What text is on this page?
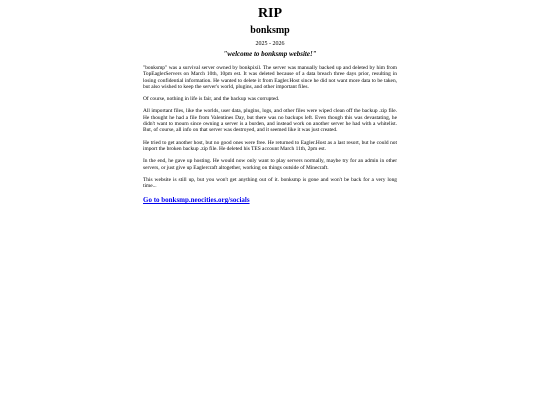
RIP
bonksmp
2025 - 2026
"welcome to bonksmp website!"

"bonksmp" was a survival server owned by bonkpixil. The server was manually backed up and deleted by him from TopEaglerServers on March 10th, 10pm est. It was deleted because of a data breach three days prior, resulting in losing confidential information. He wanted to delete it from Eagler.Host since he did not want more data to be taken, but also wished to keep the server's world, plugins, and other important files.

Of course, nothing in life is fair, and the backup was corrupted.

All important files, like the worlds, user data, plugins, logs, and other files were wiped clean off the backup .zip file. He thought he had a file from Valentines Day, but there was no backups left. Even though this was devastating, he didn't want to mourn since owning a server is a burden, and instead work on another server he had with a whitelist. But, of course, all info on that server was destroyed, and it seemed like it was just created.

He tried to get another host, but no good ones were free. He returned to Eagler.Host as a last resort, but he could not import the broken backup .zip file. He deleted his TES account March 11th, 2pm est.

In the end, he gave up hosting. He would now only want to play servers normally, maybe try for an admin in other servers, or just give up Eaglercraft altogether, working on things outside of Minecraft.

This website is still up, but you won't get anything out of it. bonksmp is gone and won't be back for a very long time...

Go to bonksmp.neocities.org/socials
